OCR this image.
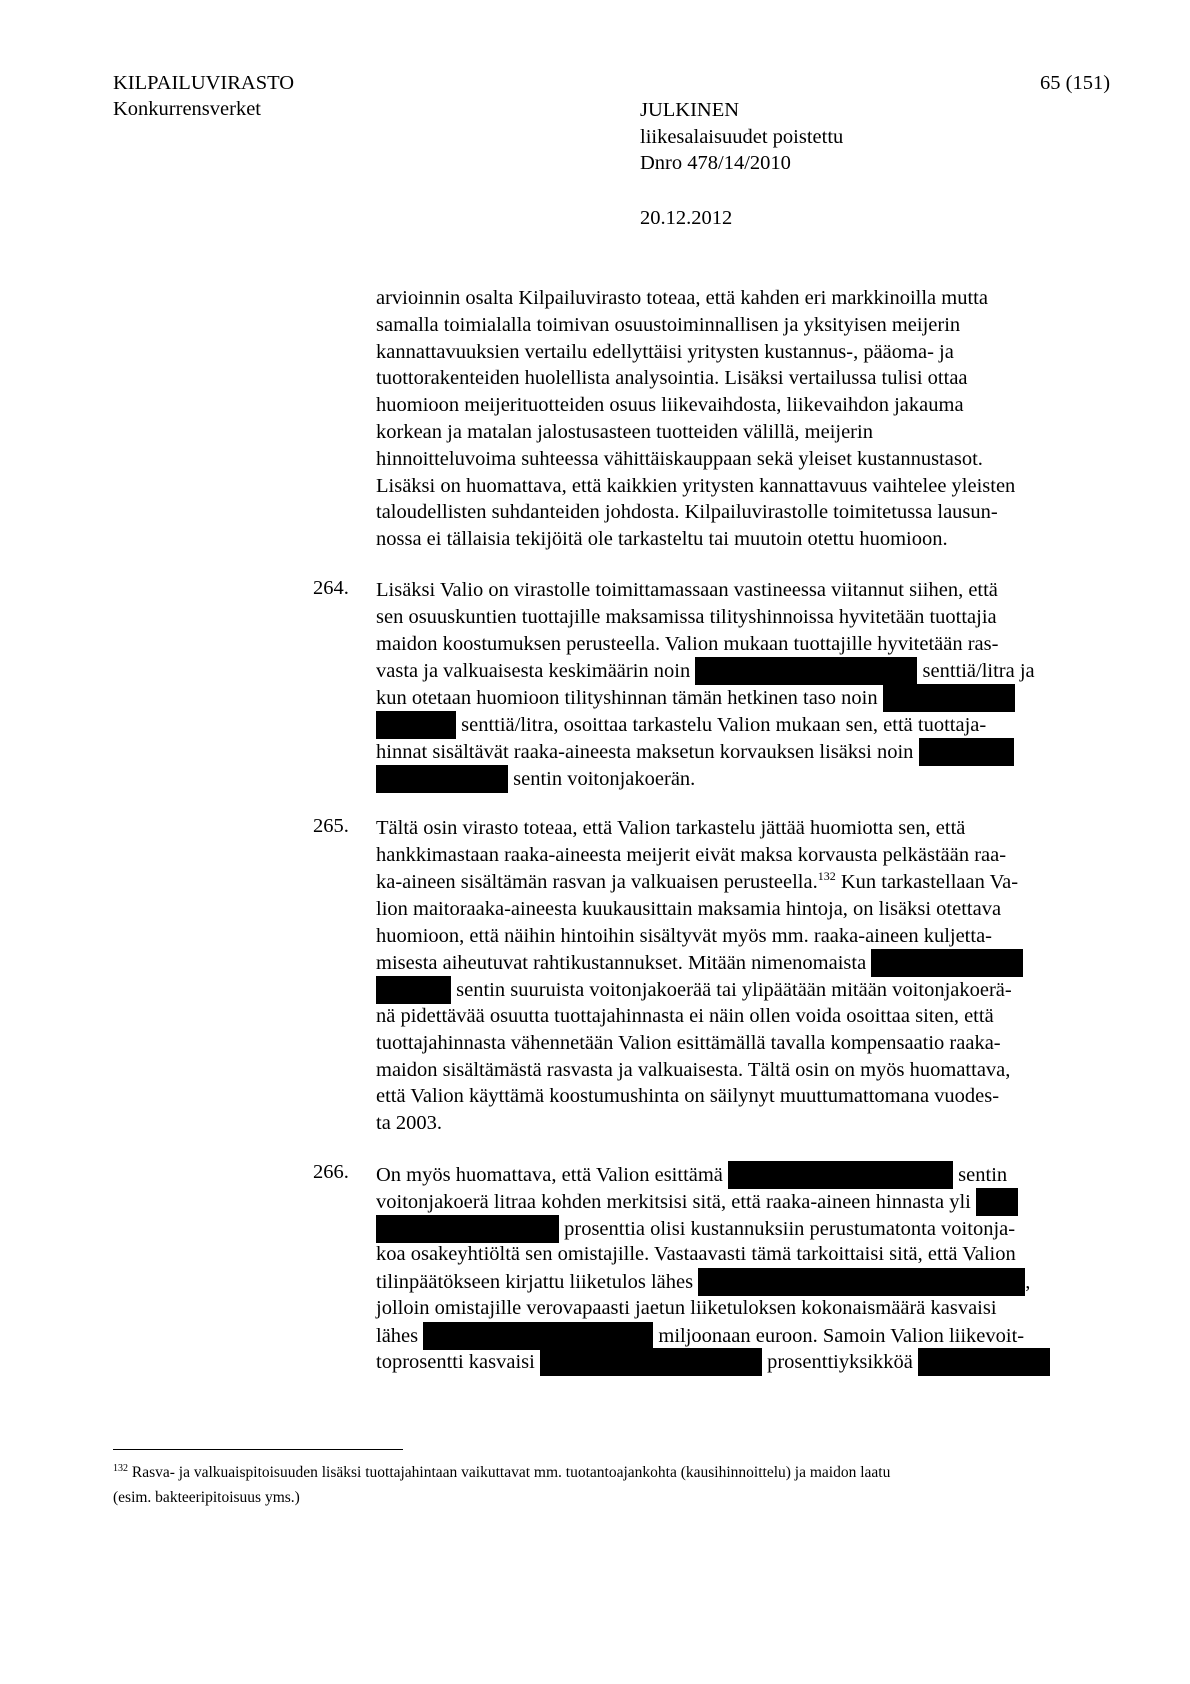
KILPAILUVIRASTO
Konkurrensverket
65 (151)
JULKINEN
liikesalaisuudet poistettu
Dnro 478/14/2010
20.12.2012
arvioinnin osalta Kilpailuvirasto toteaa, että kahden eri markkinoilla mutta
samalla toimialalla toimivan osuustoiminnallisen ja yksityisen meijerin
kannattavuuksien vertailu edellyttäisi yritysten kustannus-, pääoma- ja
tuottorakenteiden huolellista analysointia. Lisäksi vertailussa tulisi ottaa
huomioon meijerituotteiden osuus liikevaihdosta, liikevaihdon jakauma
korkean ja matalan jalostusasteen tuotteiden välillä, meijerin
hinnoitteluvoima suhteessa vähittäiskauppaan sekä yleiset kustannustasot.
Lisäksi on huomattava, että kaikkien yritysten kannattavuus vaihtelee yleisten
taloudellisten suhdanteiden johdosta. Kilpailuvirastolle toimitetussa lausun-
nossa ei tällaisia tekijöitä ole tarkasteltu tai muutoin otettu huomioon.
264. Lisäksi Valio on virastolle toimittamassaan vastineessa viitannut siihen, että
sen osuuskuntien tuottajille maksamissa tilityshinnoissa hyvitetään tuottajia
maidon koostumuksen perusteella. Valion mukaan tuottajille hyvitetään ras-
vasta ja valkuaisesta keskimäärin noin	senttiä/litra ja
kun otetaan huomioon tilityshinnan tämän hetkinen taso noin
senttiä/litra, osoittaa tarkastelu Valion mukaan sen, että tuottaja-
hinnat sisältävät raaka-aineesta maksetun korvauksen lisäksi noin
sentin voitonjakoerän.
265. Tältä osin virasto toteaa, että Valion tarkastelu jättää huomiotta sen, että
hankkimastaan raaka-aineesta meijerit eivät maksa korvausta pelkästään raa-
ka-aineen sisältämän rasvan ja valkuaisen perusteella.$^{132}$ Kun tarkastellaan Va-
lion maitoraaka-aineesta kuukausittain maksamia hintoja, on lisäksi otettava
huomioon, että näihin hintoihin sisältyvät myös mm. raaka-aineen kuljetta-
misesta aiheutuvat rahtikustannukset. Mitään nimenomaista
sentin suuruista voitonjakoerää tai ylipäätään mitään voitonjakoerä-
nä pidettävää osuutta tuottajahinnasta ei näin ollen voida osoittaa siten, että
tuottajahinnasta vähennetään Valion esittämällä tavalla kompensaatio raaka-
maidon sisältämästä rasvasta ja valkuaisesta. Tältä osin on myös huomattava,
että Valion käyttämä koostumushinta on säilynyt muuttumattomana vuodes-
ta 2003.
266. On myös huomattava, että Valion esittämä	sentin
voitonjakoerä litraa kohden merkitsisi sitä, että raaka-aineen hinnasta yli
prosenttia olisi kustannuksiin perustumatonta voitonja-
koa osakeyhtiöltä sen omistajille. Vastaavasti tämä tarkoittaisi sitä, että Valion
tilinpäätökseen kirjattu liiketulos lähes	,
jolloin omistajille verovapaasti jaetun liiketuloksen kokonaismäärä kasvaisi
lähes	miljoonaan euroon. Samoin Valion liikevoit-
toprosentti kasvaisi	prosenttiyksikköä
$^{132}$ Rasva- ja valkuaispitoisuuden lisäksi tuottajahintaan vaikuttavat mm. tuotantoajankohta (kausihinnoittelu) ja maidon laatu
(esim. bakteeripitoisuus yms.)
